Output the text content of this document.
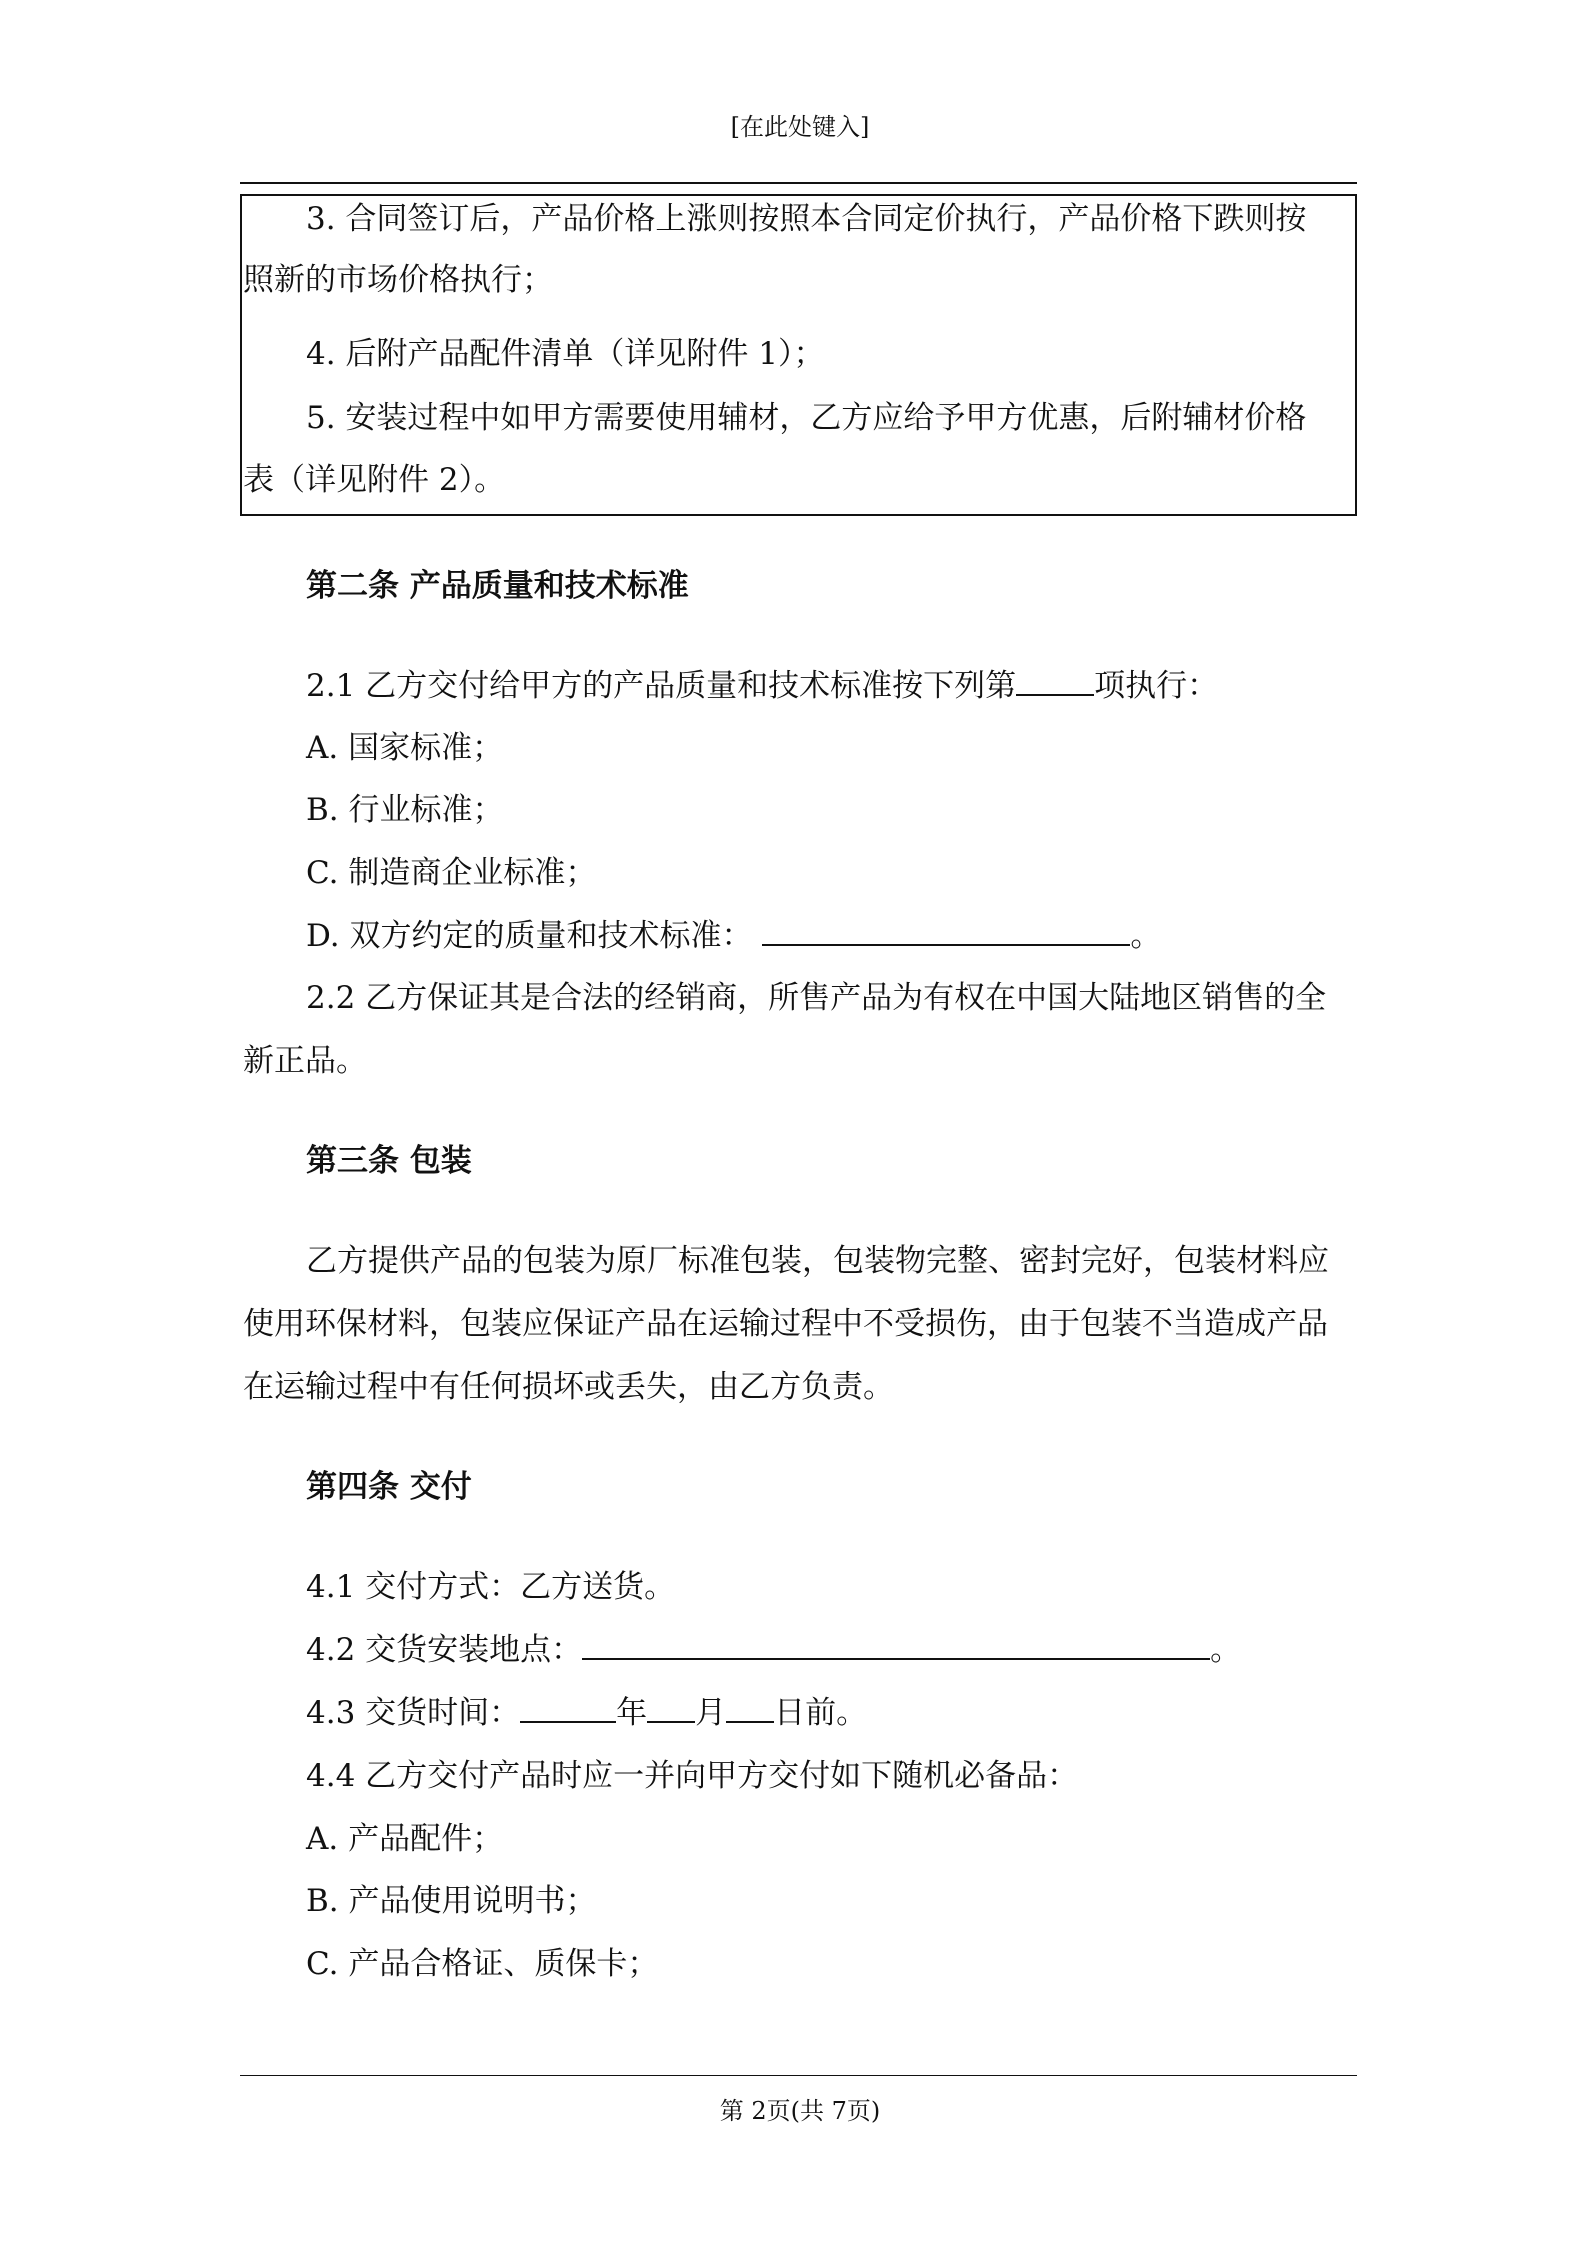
[在此处键入]
3. 合同签订后，产品价格上涨则按照本合同定价执行，产品价格下跌则按
照新的市场价格执行；
4. 后附产品配件清单（详见附件 1）；
5. 安装过程中如甲方需要使用辅材，乙方应给予甲方优惠，后附辅材价格
表（详见附件 2）。
第二条 产品质量和技术标准
2.1 乙方交付给甲方的产品质量和技术标准按下列第	项执行：
A. 国家标准；
B. 行业标准；
C. 制造商企业标准；
D. 双方约定的质量和技术标准：	。
2.2 乙方保证其是合法的经销商，所售产品为有权在中国大陆地区销售的全
新正品。
第三条 包装
乙方提供产品的包装为原厂标准包装，包装物完整、密封完好，包装材料应
使用环保材料，包装应保证产品在运输过程中不受损伤，由于包装不当造成产品
在运输过程中有任何损坏或丢失，由乙方负责。
第四条 交付
4.1 交付方式：乙方送货。
4.2 交货安装地点：	。
4.3 交货时间：	年 月 日前。
4.4 乙方交付产品时应一并向甲方交付如下随机必备品：
A. 产品配件；
B. 产品使用说明书；
C. 产品合格证、质保卡；
第 2页(共 7页)
